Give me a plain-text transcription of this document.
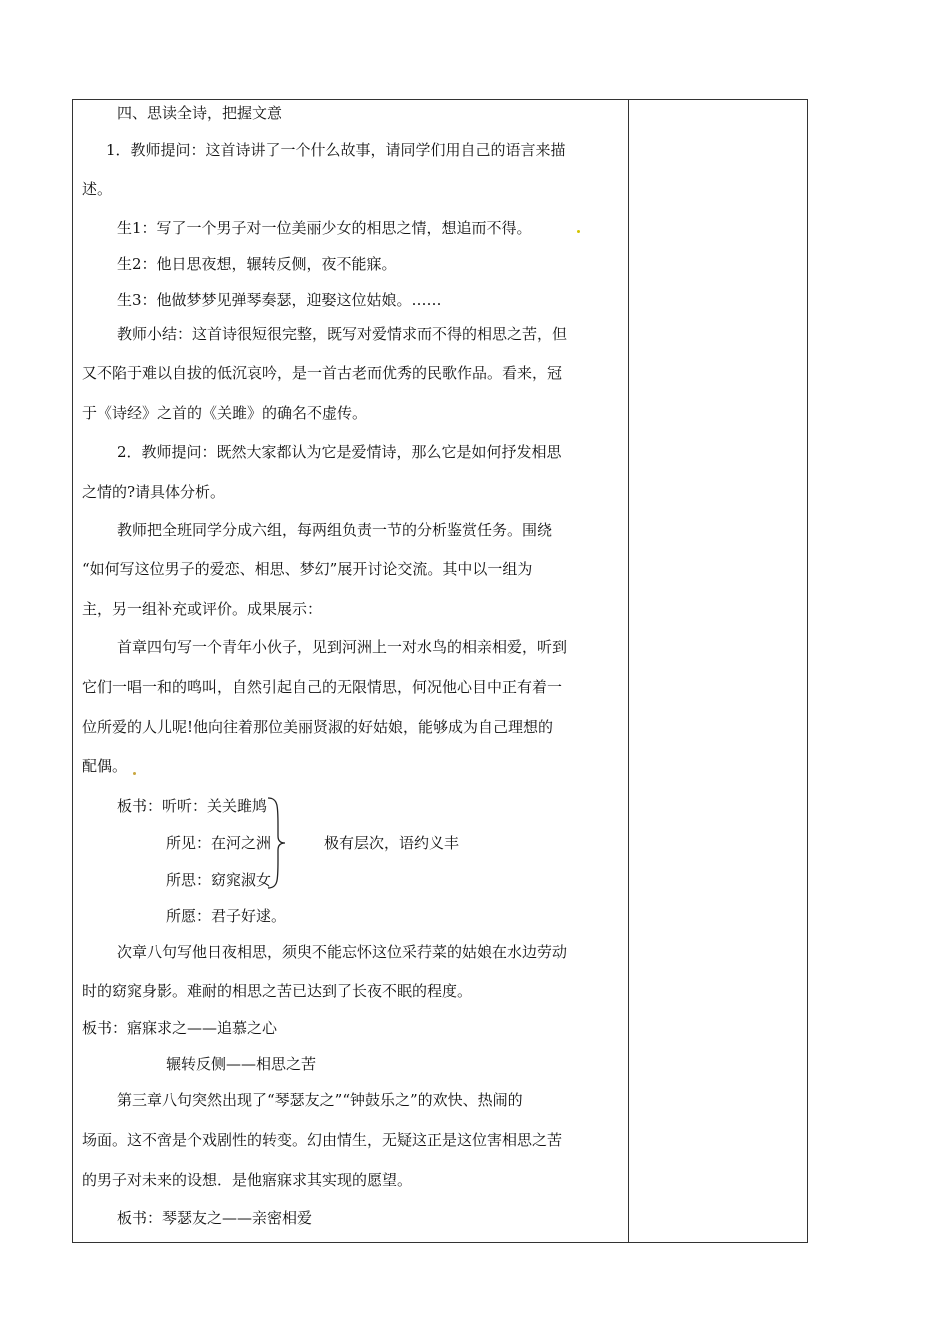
四、思读全诗，把握文意
1．教师提问：这首诗讲了一个什么故事，请同学们用自己的语言来描
述。
生1：写了一个男子对一位美丽少女的相思之情，想追而不得。
生2：他日思夜想，辗转反侧，夜不能寐。
生3：他做梦梦见弹琴奏瑟，迎娶这位姑娘。……
教师小结：这首诗很短很完整，既写对爱情求而不得的相思之苦，但
又不陷于难以自拔的低沉哀吟，是一首古老而优秀的民歌作品。看来，冠
于《诗经》之首的《关雎》的确名不虚传。
2．教师提问：既然大家都认为它是爱情诗，那么它是如何抒发相思
之情的?请具体分析。
教师把全班同学分成六组，每两组负责一节的分析鉴赏任务。围绕
“如何写这位男子的爱恋、相思、梦幻”展开讨论交流。其中以一组为
主，另一组补充或评价。成果展示：
首章四句写一个青年小伙子，见到河洲上一对水鸟的相亲相爱，听到
它们一唱一和的鸣叫，自然引起自己的无限情思，何况他心目中正有着一
位所爱的人儿呢!他向往着那位美丽贤淑的好姑娘，能够成为自己理想的
配偶。
板书：听听：关关雎鸠
所见：在河之洲
所思：窈窕淑女
所愿：君子好逑。
次章八句写他日夜相思，须臾不能忘怀这位采荇菜的姑娘在水边劳动
时的窈窕身影。难耐的相思之苦已达到了长夜不眠的程度。
板书：寤寐求之——追慕之心
辗转反侧——相思之苦
第三章八句突然出现了“琴瑟友之”“钟鼓乐之”的欢快、热闹的
场面。这不啻是个戏剧性的转变。幻由情生，无疑这正是这位害相思之苦
的男子对未来的设想．是他寤寐求其实现的愿望。
板书：琴瑟友之——亲密相爱
极有层次，语约义丰
